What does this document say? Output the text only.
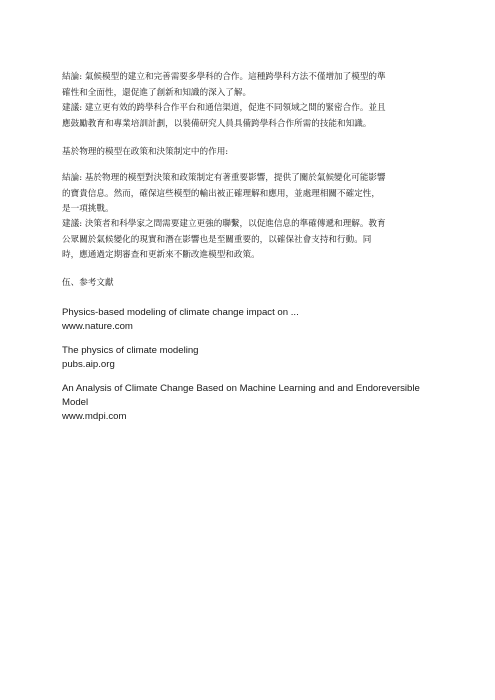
結論: 氣候模型的建立和完善需要多學科的合作。這種跨學科方法不僅增加了模型的準

確性和全面性，還促進了創新和知識的深入了解。

建議: 建立更有效的跨學科合作平台和通信渠道，促進不同領域之間的緊密合作。並且

應鼓勵教育和專業培訓計劃，以裝備研究人員具備跨學科合作所需的技能和知識。

基於物理的模型在政策和決策制定中的作用:

結論: 基於物理的模型對決策和政策制定有著重要影響，提供了關於氣候變化可能影響

的寶貴信息。然而，確保這些模型的輸出被正確理解和應用，並處理相關不確定性，

是一項挑戰。

建議: 決策者和科學家之間需要建立更強的聯繫，以促進信息的準確傳遞和理解。教育

公眾關於氣候變化的現實和潛在影響也是至關重要的，以確保社會支持和行動。同

時，應通過定期審查和更新來不斷改進模型和政策。

伍、参考文獻

Physics-based modeling of climate change impact on ...

www.nature.com

The physics of climate modeling

pubs.aip.org

An Analysis of Climate Change Based on Machine Learning and and Endoreversible

Model

www.mdpi.com
